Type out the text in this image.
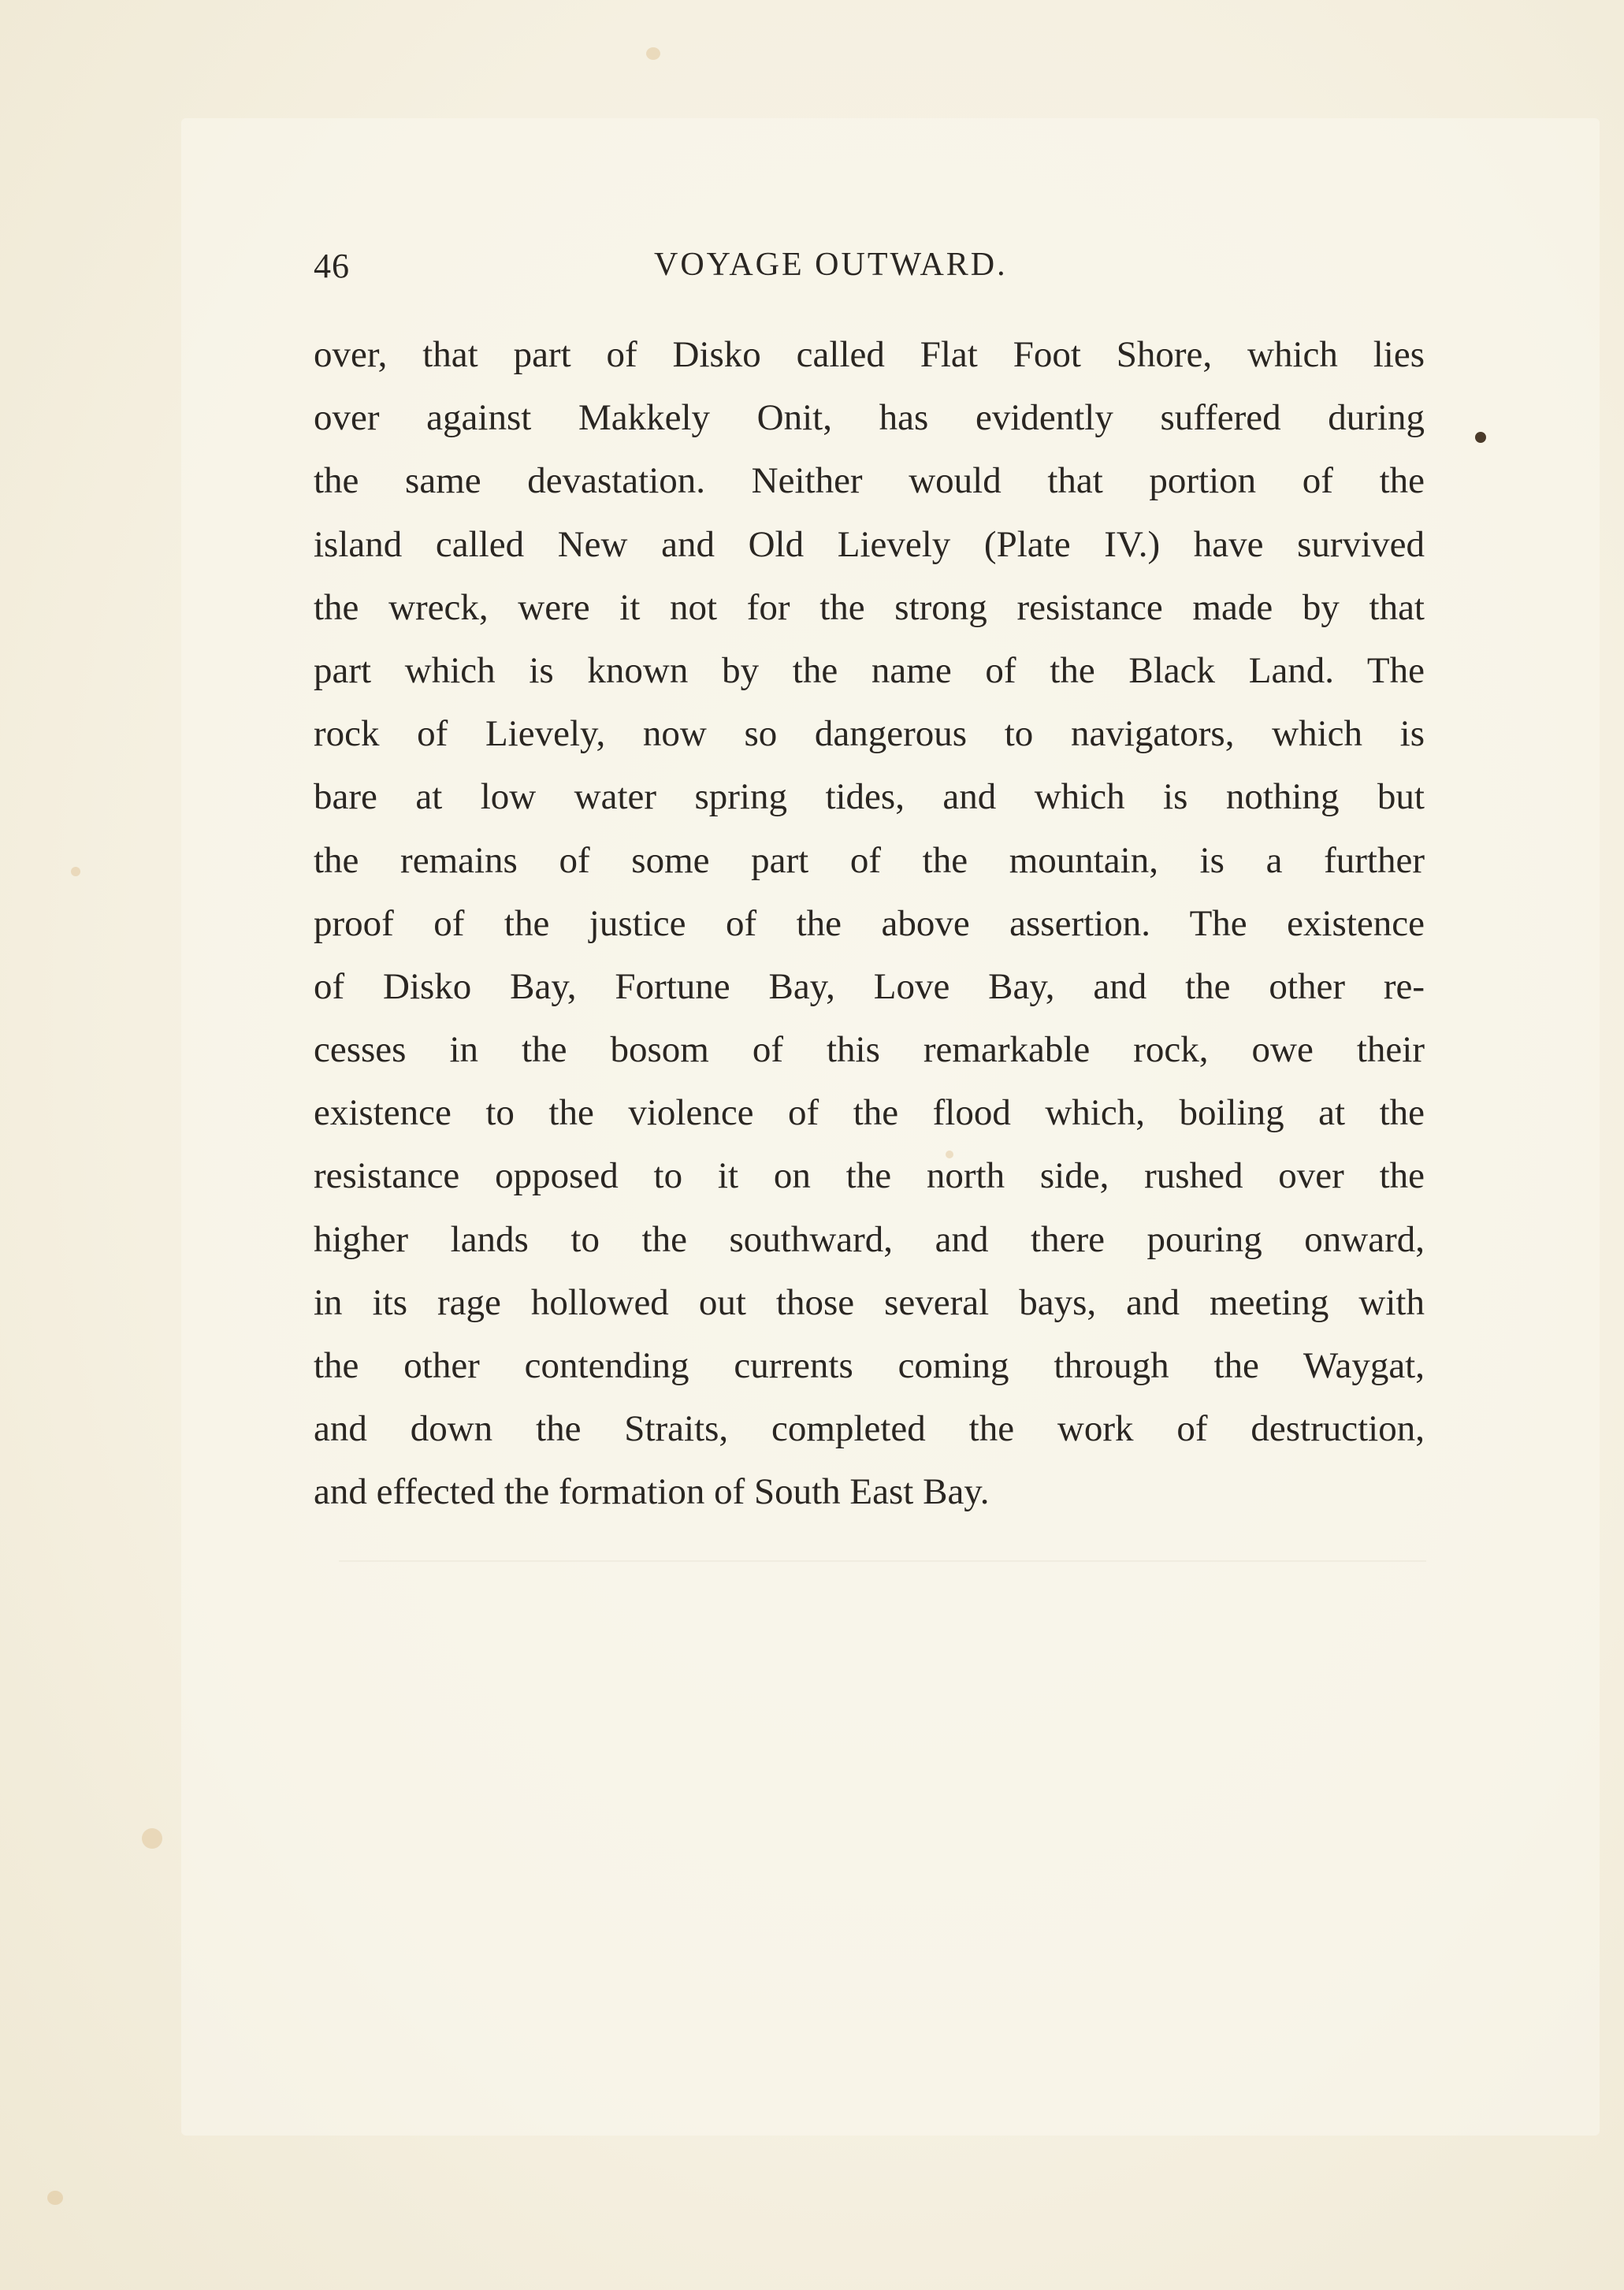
46	VOYAGE OUTWARD.
over, that part of Disko called Flat Foot Shore, which lies
over against Makkely Onit, has evidently suffered during
the same devastation. Neither would that portion of the
island called New and Old Lievely (Plate IV.) have survived
the wreck, were it not for the strong resistance made by that
part which is known by the name of the Black Land. The
rock of Lievely, now so dangerous to navigators, which is
bare at low water spring tides, and which is nothing but
the remains of some part of the mountain, is a further
proof of the justice of the above assertion. The existence
of Disko Bay, Fortune Bay, Love Bay, and the other re-
cesses in the bosom of this remarkable rock, owe their
existence to the violence of the flood which, boiling at the
resistance opposed to it on the north side, rushed over the
higher lands to the southward, and there pouring onward,
in its rage hollowed out those several bays, and meeting with
the other contending currents coming through the Waygat,
and down the Straits, completed the work of destruction,
and effected the formation of South East Bay.
